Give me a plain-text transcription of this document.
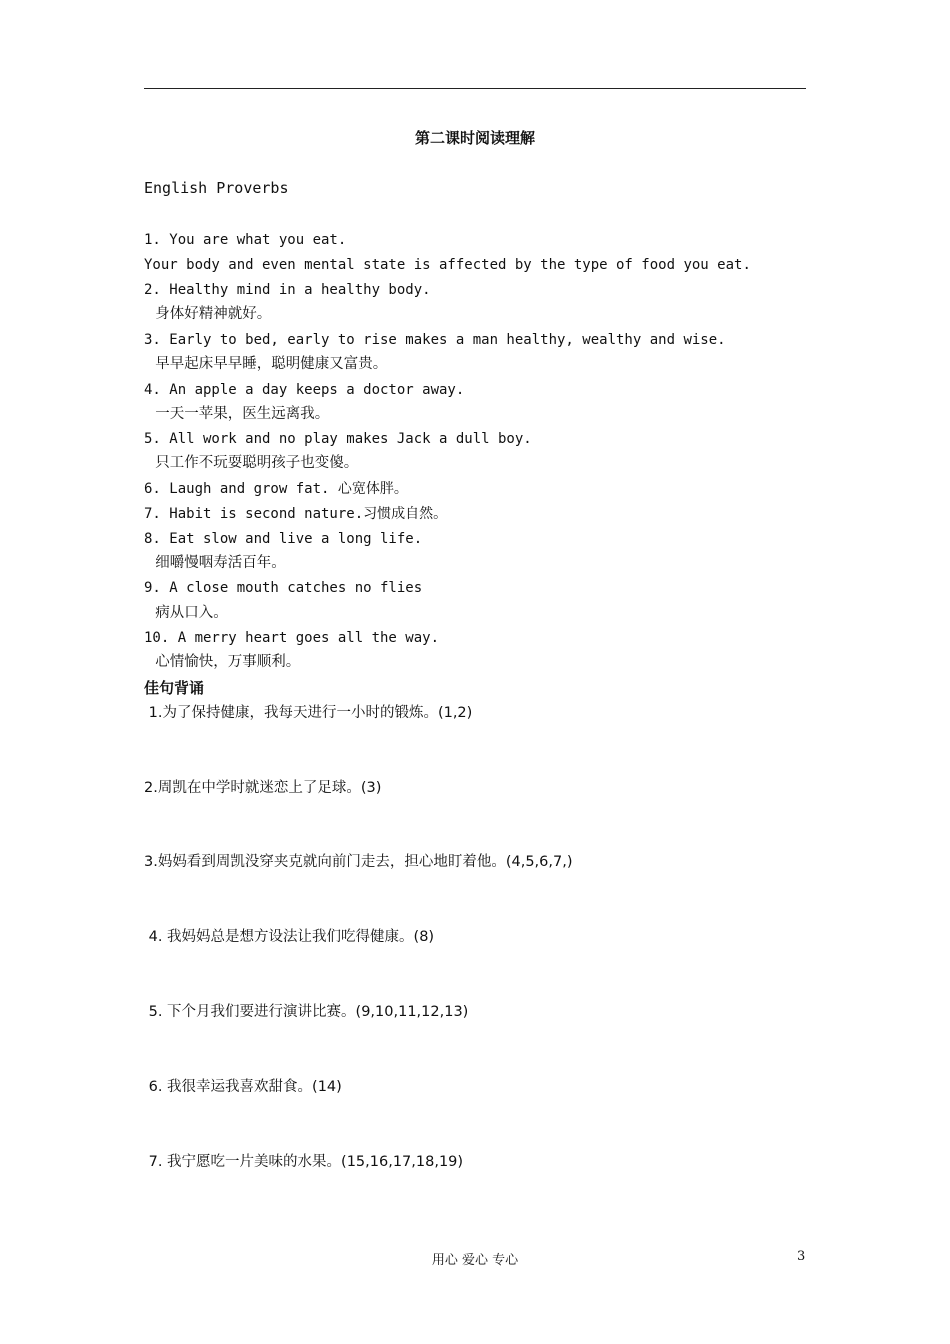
第二课时阅读理解
English Proverbs
1. You are what you eat.
Your body and even mental state is affected by the type of food you eat.
2. Healthy mind in a healthy body.
身体好精神就好。
3. Early to bed, early to rise makes a man healthy, wealthy and wise.
早早起床早早睡，聪明健康又富贵。
4. An apple a day keeps a doctor away.
一天一苹果，医生远离我。
5. All work and no play makes Jack a dull boy.
只工作不玩耍聪明孩子也变傻。
6. Laugh and grow fat. 心宽体胖。
7. Habit is second nature.习惯成自然。
8. Eat slow and live a long life.
细嚼慢咽寿活百年。
9. A close mouth catches no flies
病从口入。
10. A merry heart goes all the way.
心情愉快，万事顺利。
佳句背诵
1.为了保持健康，我每天进行一小时的锻炼。(1,2)
2.周凯在中学时就迷恋上了足球。(3)
3.妈妈看到周凯没穿夹克就向前门走去，担心地盯着他。(4,5,6,7,)
4. 我妈妈总是想方设法让我们吃得健康。(8)
5. 下个月我们要进行演讲比赛。(9,10,11,12,13)
6. 我很幸运我喜欢甜食。(14)
7. 我宁愿吃一片美味的水果。(15,16,17,18,19)
用心 爱心 专心	3
